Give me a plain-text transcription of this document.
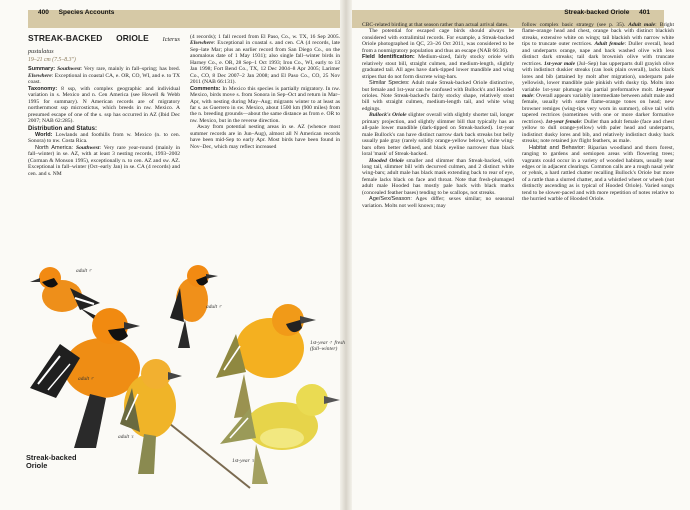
400 Species Accounts	Streak-backed Oriole 401
STREAK-BACKED ORIOLE Icterus pustulatus
19–21 cm (7.5–8.3")

Summary: Southwest: Very rare, mainly in fall–spring; has bred. Elsewhere: Exceptional in coastal CA, e. OR, CO, WI, and e. to TX coast.

Taxonomy: 8 ssp, with complex geographic and individual variation in s. Mexico and n. Cen America (see Howell & Webb 1995 for summary). N American records are of migratory northernmost ssp microstictus, which breeds in nw. Mexico. A presumed escape of one of the s. ssp has occurred in AZ (Ibid Dec 2007; NAB 62:285).

Distribution and Status:

World: Lowlands and foothills from w. Mexico (n. to cen. Sonora) to nw. Costa Rica.

North America: Southwest: Very rare year-round (mainly in fall–winter) in se. AZ, with at least 3 nesting records, 1993–2002 (Corman & Monson 1995), exceptionally n. to cen. AZ and sw. AZ. Exceptional in fall–winter (Oct–early Jan) in se. CA (4 records) and cen. and s. NM

(4 records); 1 fall record from El Paso, Co., w. TX, 16 Sep 2005. Elsewhere: Exceptional in coastal s. and cen. CA (4 records, late Sep–late Mar; plus an earlier record from San Diego Co., on the anomalous date of 1 May 1931); also single fall–winter birds in Harney Co., e. OR, 28 Sep–1 Oct 1993; Iron Co., WI, early to 13 Jan 1998; Fort Bend Co., TX, 12 Dec 2004–8 Apr 2005; Larimer Co., CO, 8 Dec 2007–2 Jan 2008; and El Paso Co., CO, 25 Nov 2011 (NAB 66:131).

Comments: In Mexico this species is partially migratory. In nw. Mexico, birds move s. from Sonora in Sep–Oct and return in Mar–Apr, with nesting during May–Aug; migrants winter to at least as far s. as Guerrero in sw. Mexico, about 1500 km (900 miles) from the n. breeding grounds—about the same distance as from e. OR to nw. Mexico, but in the reverse direction.

Away from potential nesting areas in se. AZ (whence most summer records are in Jun–Aug), almost all N American records have been mid-Sep to early Apr. Most birds have been found in Nov–Dec, which may reflect increased

CBC-related birding at that season rather than actual arrival dates.

The potential for escaped cage birds should always be considered with extralimital records. For example, a Streak-backed Oriole photographed in QC, 23–26 Oct 2011, was considered to be from a nonmigratory population and thus an escape (NAB 66:36).

Field Identification: Medium-sized, fairly stocky oriole with relatively stout bill, straight culmen, and medium-length, slightly graduated tail. All ages have dark-tipped lower mandible and wing stripes that do not form discrete wing-bars.

Similar Species: Adult male Streak-backed Oriole distinctive, but female and 1st-year can be confused with Bullock's and Hooded orioles. Note Streak-backed's fairly stocky shape, relatively stout bill with straight culmen, medium-length tail, and white wing edgings.

Bullock's Oriole slighter overall with slightly shorter tail, longer primary projection, and slightly slimmer bill that typically has an all-pale lower mandible (dark-tipped on Streak-backed). 1st-year male Bullock's can have distinct narrow dark back streaks but belly usually pale gray (rarely solidly orange-yellow below), white wing-bars often better defined, and black eyeline narrower than black loral 'mask' of Streak-backed.

Hooded Oriole smaller and slimmer than Streak-backed, with long tail, slimmer bill with decurved culmen, and 2 distinct white wing-bars; adult male has black mask extending back to rear of eye, female lacks black on face and throat. Note that fresh-plumaged adult male Hooded has mostly pale back with black marks (concealed feather bases) tending to be scallops, not streaks.

Age/Sex/Season: Ages differ; sexes similar; no seasonal variation. Molts not well known; may

follow complex basic strategy (see p. 35). Adult male: Bright flame-orange head and chest, orange back with distinct blackish streaks, extensive white on wings; tail blackish with narrow white tips to truncate outer rectrices. Adult female: Duller overall, head and underparts orange, nape and back washed olive with less distinct dark streaks; tail dark brownish olive with truncate rectrices. 1st-year male (Jul–Sep) has upperparts dull grayish olive with indistinct duskier streaks (can look plain overall), lacks black lores and bib (attained by molt after migration), underparts pale yellowish, lower mandible pale pinkish with dusky tip. Molts into variable 1st-year plumage via partial preformative molt. 1st-year male: Overall appears variably intermediate between adult male and female, usually with some flame-orange tones on head; new browner remiges (wing-tips very worn in summer), olive tail with tapered rectrices (sometimes with one or more darker formative rectrices). 1st-year female: Duller than adult female (face and chest yellow to dull orange-yellow) with paler head and underparts, indistinct dusky lores and bib, and relatively indistinct dusky back streaks; note retained juv flight feathers, as male.

Habitat and Behavior: Riparian woodland and thorn forest, ranging to gardens and semiopen areas with flowering trees; vagrants could occur in a variety of wooded habitats, usually near edges or in adjacent clearings. Common calls are a rough nasal yehr or yehnk, a hard rattled chatter recalling Bullock's Oriole but more of a rattle than a slurred chatter, and a whistled wheet or wheeh (not distinctly ascending as is typical of Hooded Oriole). Varied songs tend to be slower-paced and with more repetition of notes relative to the hurried warble of Hooded Oriole.

adult ♂
adult ♂
adult ♂
adult ♀
1st-year ♂ fresh (fall–winter)
1st-year ♀
Streak-backed
Oriole
